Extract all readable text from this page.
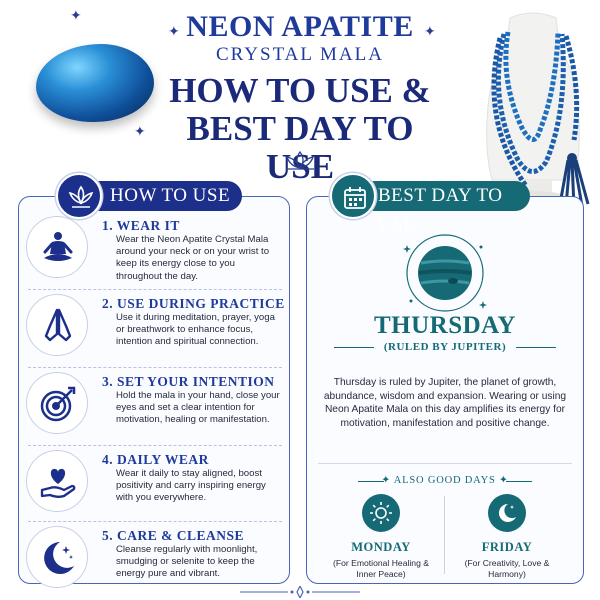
✦
✦
✦	✦
NEON APATITE
CRYSTAL MALA
HOW TO USE &
BEST DAY TO USE
HOW TO USE
1. WEAR IT
Wear the Neon Apatite Crystal Mala around your neck or on your wrist to keep its energy close to you throughout the day.
2. USE DURING PRACTICE
Use it during meditation, prayer, yoga or breathwork to enhance focus, intention and spiritual connection.
3. SET YOUR INTENTION
Hold the mala in your hand, close your eyes and set a clear intention for motivation, healing or manifestation.
4. DAILY WEAR
Wear it daily to stay aligned, boost positivity and carry inspiring energy with you everywhere.
5. CARE & CLEANSE
Cleanse regularly with moonlight, smudging or selenite to keep the energy pure and vibrant.
BEST DAY TO USE
THURSDAY
(RULED BY JUPITER)
Thursday is ruled by Jupiter, the planet of growth, abundance, wisdom and expansion. Wearing or using Neon Apatite Mala on this day amplifies its energy for motivation, manifestation and positive change.
✦ ALSO GOOD DAYS ✦
MONDAY
(For Emotional Healing & Inner Peace)
FRIDAY
(For Creativity, Love & Harmony)
